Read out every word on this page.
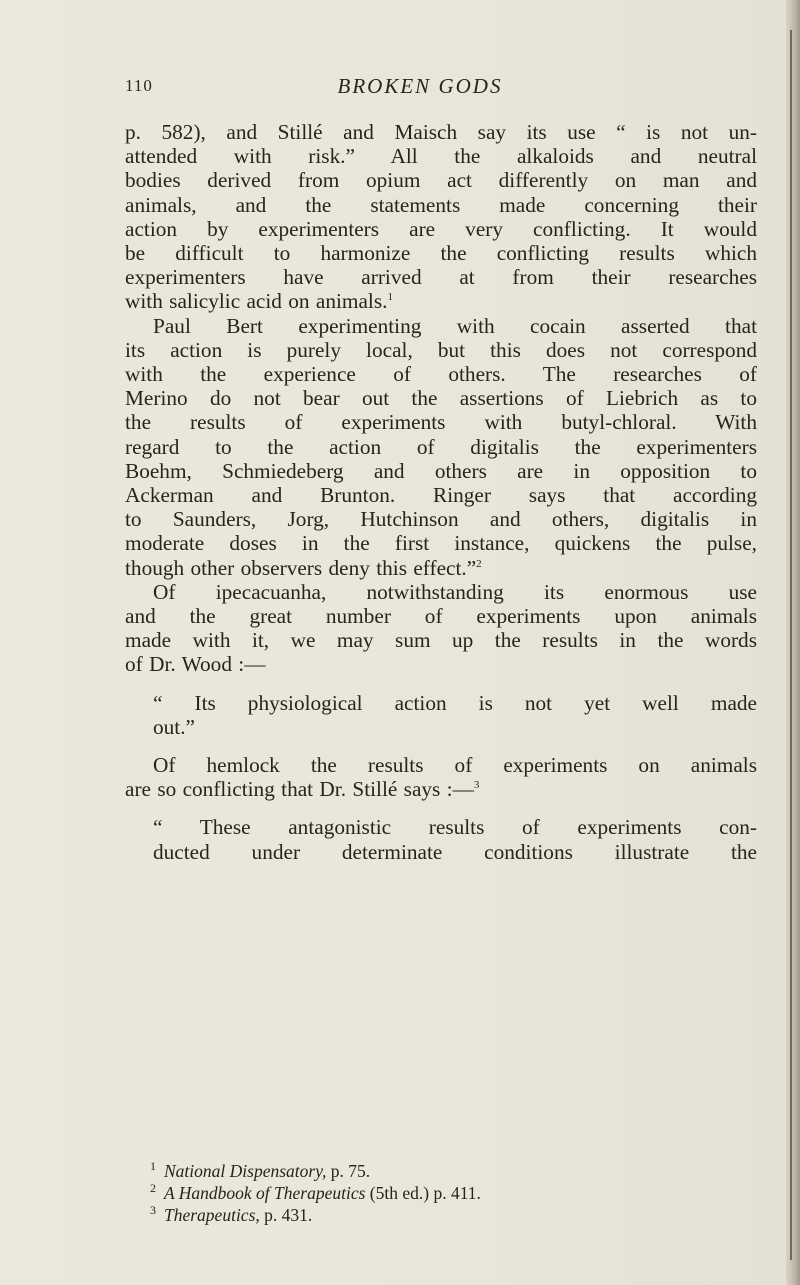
110	BROKEN GODS
p. 582), and Stillé and Maisch say its use “ is not un-
attended with risk.” All the alkaloids and neutral
bodies derived from opium act differently on man and
animals, and the statements made concerning their
action by experimenters are very conflicting. It would
be difficult to harmonize the conflicting results which
experimenters have arrived at from their researches
with salicylic acid on animals.$^1$
Paul Bert experimenting with cocain asserted that
its action is purely local, but this does not correspond
with the experience of others. The researches of
Merino do not bear out the assertions of Liebrich as to
the results of experiments with butyl-chloral. With
regard to the action of digitalis the experimenters
Boehm, Schmiedeberg and others are in opposition to
Ackerman and Brunton. Ringer says that according
to Saunders, Jorg, Hutchinson and others, digitalis in
moderate doses in the first instance, quickens the pulse,
though other observers deny this effect.”$^2$
Of ipecacuanha, notwithstanding its enormous use
and the great number of experiments upon animals
made with it, we may sum up the results in the words
of Dr. Wood :—
“ Its physiological action is not yet well made
out.”
Of hemlock the results of experiments on animals
are so conflicting that Dr. Stillé says :—$^3$
“ These antagonistic results of experiments con-
ducted under determinate conditions illustrate the
$^1$ National Dispensatory, p. 75.
$^2$ A Handbook of Therapeutics (5th ed.) p. 411.
$^3$ Therapeutics, p. 431.
